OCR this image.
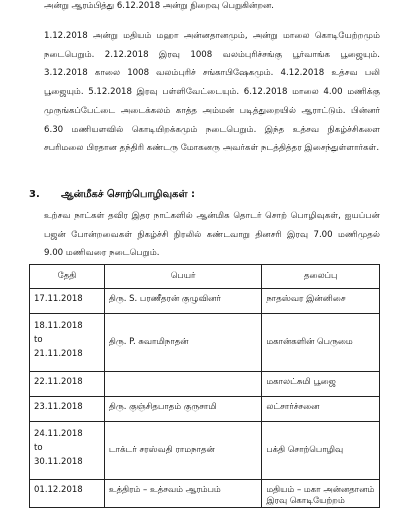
அன்று ஆரம்பித்து 6.12.2018 அன்று நிறைவு பெறுகின்றன.

1.12.2018 அன்று மதியம் மஹா அன்னதானமும், அன்று மாலை கொடியேற்றமும் நடைபெறும். 2.12.2018 இரவு 1008 வலம்புரிச்சங்கு பூர்வாங்க பூஜையும். 3.12.2018 காலை 1008 வலம்புரிச் சங்காபிஷேகமும். 4.12.2018 உத்சவ பலி பூஜையும். 5.12.2018 இரவு பள்ளிவேட்டையும். 6.12.2018 மாலை 4.00 மணிக்கு முருங்கப்பேட்டை அடைக்கலம் காத்த அம்மன் படித்துறையில் ஆராட்டும். பின்னர் 6.30 மணியளவில் கொடியிறக்கமும் நடைபெறும். இந்த உத்சவ நிகழ்ச்சிகளை சபரிமலை பிரதான தந்திரி கண்டரு மோகனரு அவர்கள் நடத்தித்தர இசைந்துள்ளார்கள்.

3. ஆன்மீகச் சொற்பொழிவுகள் :

உற்சவ நாட்கள் தவிர இதர நாட்களில் ஆன்மிக தொடர் சொற் பொழிவுகள், ஐயப்பன் பஜன் போன்றவைகள் நிகழ்ச்சி நிரலில் கண்டவாறு தினசரி இரவு 7.00 மணிமுதல் 9.00 மணிவரை நடைபெறும்.

தேதி	பெயர்	தலைப்பு
17.11.2018	திரு. S. பரணீதரன் குழுவினர்	நாதஸ்வர இன்னிசை

18.11.2018
to
21.11.2018	திரு. P. சுவாமிநாதன்	மகான்களின் பெருமை
22.11.2018		மகாலட்சுமி பூஜை
23.11.2018	திரு. குஞ்சிதபாதம் குருசாமி	லட்சார்ச்சனை

24.11.2018
to
30.11.2018	டாக்டர் சரஸ்வதி ராமநாதன்	பக்தி சொற்பொழிவு
01.12.2018	உத்திரம் – உத்சவம் ஆரம்பம்	மதியம் – மகா அன்னதானம்
இரவு கொடியேற்றம்
